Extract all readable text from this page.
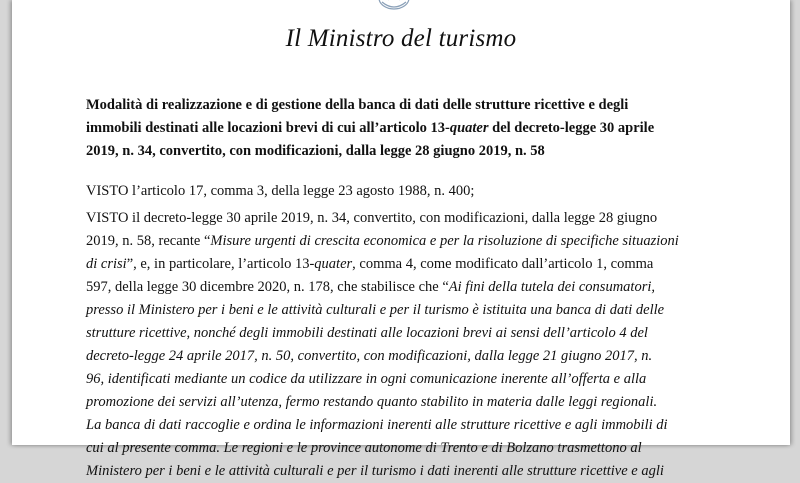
Il Ministro del turismo
Modalità di realizzazione e di gestione della banca di dati delle strutture ricettive e degli
immobili destinati alle locazioni brevi di cui all’articolo 13-quater del decreto-legge 30 aprile
2019, n. 34, convertito, con modificazioni, dalla legge 28 giugno 2019, n. 58
VISTO l’articolo 17, comma 3, della legge 23 agosto 1988, n. 400;
VISTO il decreto-legge 30 aprile 2019, n. 34, convertito, con modificazioni, dalla legge 28 giugno
2019, n. 58, recante “Misure urgenti di crescita economica e per la risoluzione di specifiche situazioni
di crisi”, e, in particolare, l’articolo 13-quater, comma 4, come modificato dall’articolo 1, comma
597, della legge 30 dicembre 2020, n. 178, che stabilisce che “Ai fini della tutela dei consumatori,
presso il Ministero per i beni e le attività culturali e per il turismo è istituita una banca di dati delle
strutture ricettive, nonché degli immobili destinati alle locazioni brevi ai sensi dell’articolo 4 del
decreto-legge 24 aprile 2017, n. 50, convertito, con modificazioni, dalla legge 21 giugno 2017, n.
96, identificati mediante un codice da utilizzare in ogni comunicazione inerente all’offerta e alla
promozione dei servizi all’utenza, fermo restando quanto stabilito in materia dalle leggi regionali.
La banca di dati raccoglie e ordina le informazioni inerenti alle strutture ricettive e agli immobili di
cui al presente comma. Le regioni e le province autonome di Trento e di Bolzano trasmettono al
Ministero per i beni e le attività culturali e per il turismo i dati inerenti alle strutture ricettive e agli
